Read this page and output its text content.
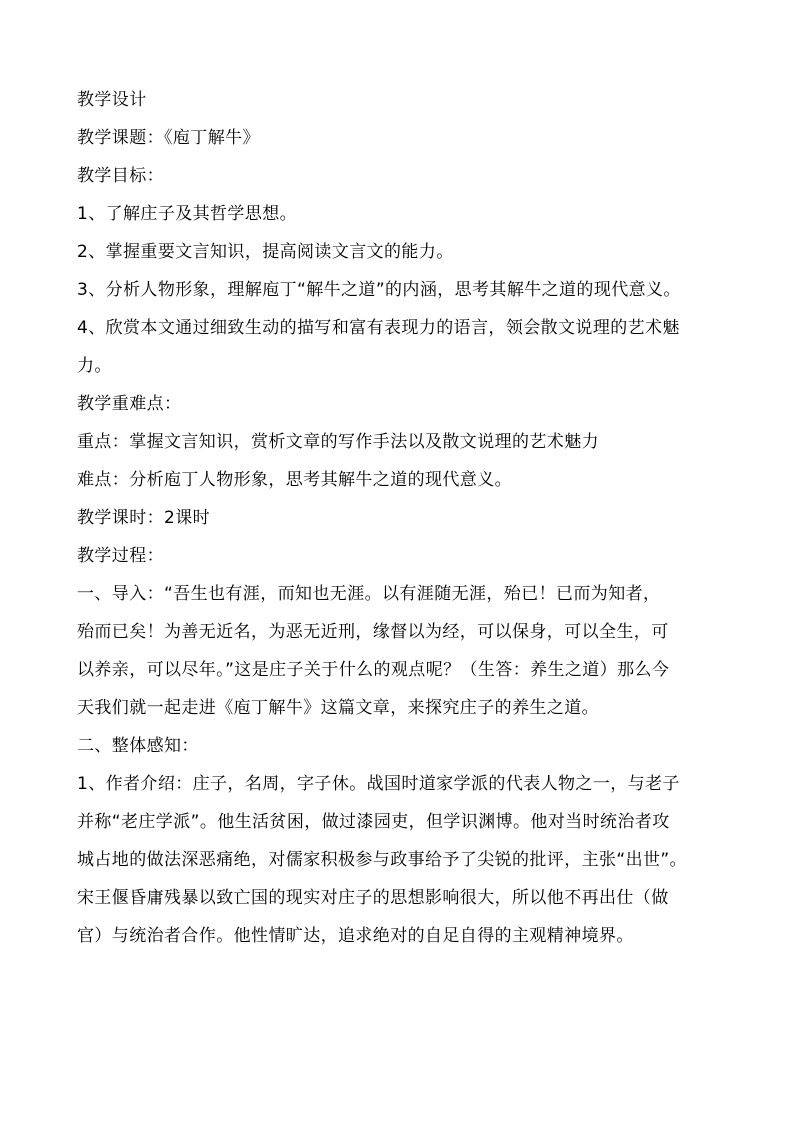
教学设计
教学课题：《庖丁解牛》
教学目标：
1、了解庄子及其哲学思想。
2、掌握重要文言知识，提高阅读文言文的能力。
3、分析人物形象，理解庖丁“解牛之道”的内涵，思考其解牛之道的现代意义。
4、欣赏本文通过细致生动的描写和富有表现力的语言，领会散文说理的艺术魅
力。
教学重难点：
重点：掌握文言知识，赏析文章的写作手法以及散文说理的艺术魅力
难点：分析庖丁人物形象，思考其解牛之道的现代意义。
教学课时：2课时
教学过程：
一、导入：“吾生也有涯，而知也无涯。以有涯随无涯，殆已！已而为知者，
殆而已矣！为善无近名，为恶无近刑，缘督以为经，可以保身，可以全生，可
以养亲，可以尽年。”这是庄子关于什么的观点呢？（生答：养生之道）那么今
天我们就一起走进《庖丁解牛》这篇文章，来探究庄子的养生之道。
二、整体感知：
1、作者介绍：庄子，名周，字子休。战国时道家学派的代表人物之一，与老子
并称“老庄学派”。他生活贫困，做过漆园吏，但学识渊博。他对当时统治者攻
城占地的做法深恶痛绝，对儒家积极参与政事给予了尖锐的批评，主张“出世”。
宋王偃昏庸残暴以致亡国的现实对庄子的思想影响很大，所以他不再出仕（做
官）与统治者合作。他性情旷达，追求绝对的自足自得的主观精神境界。
